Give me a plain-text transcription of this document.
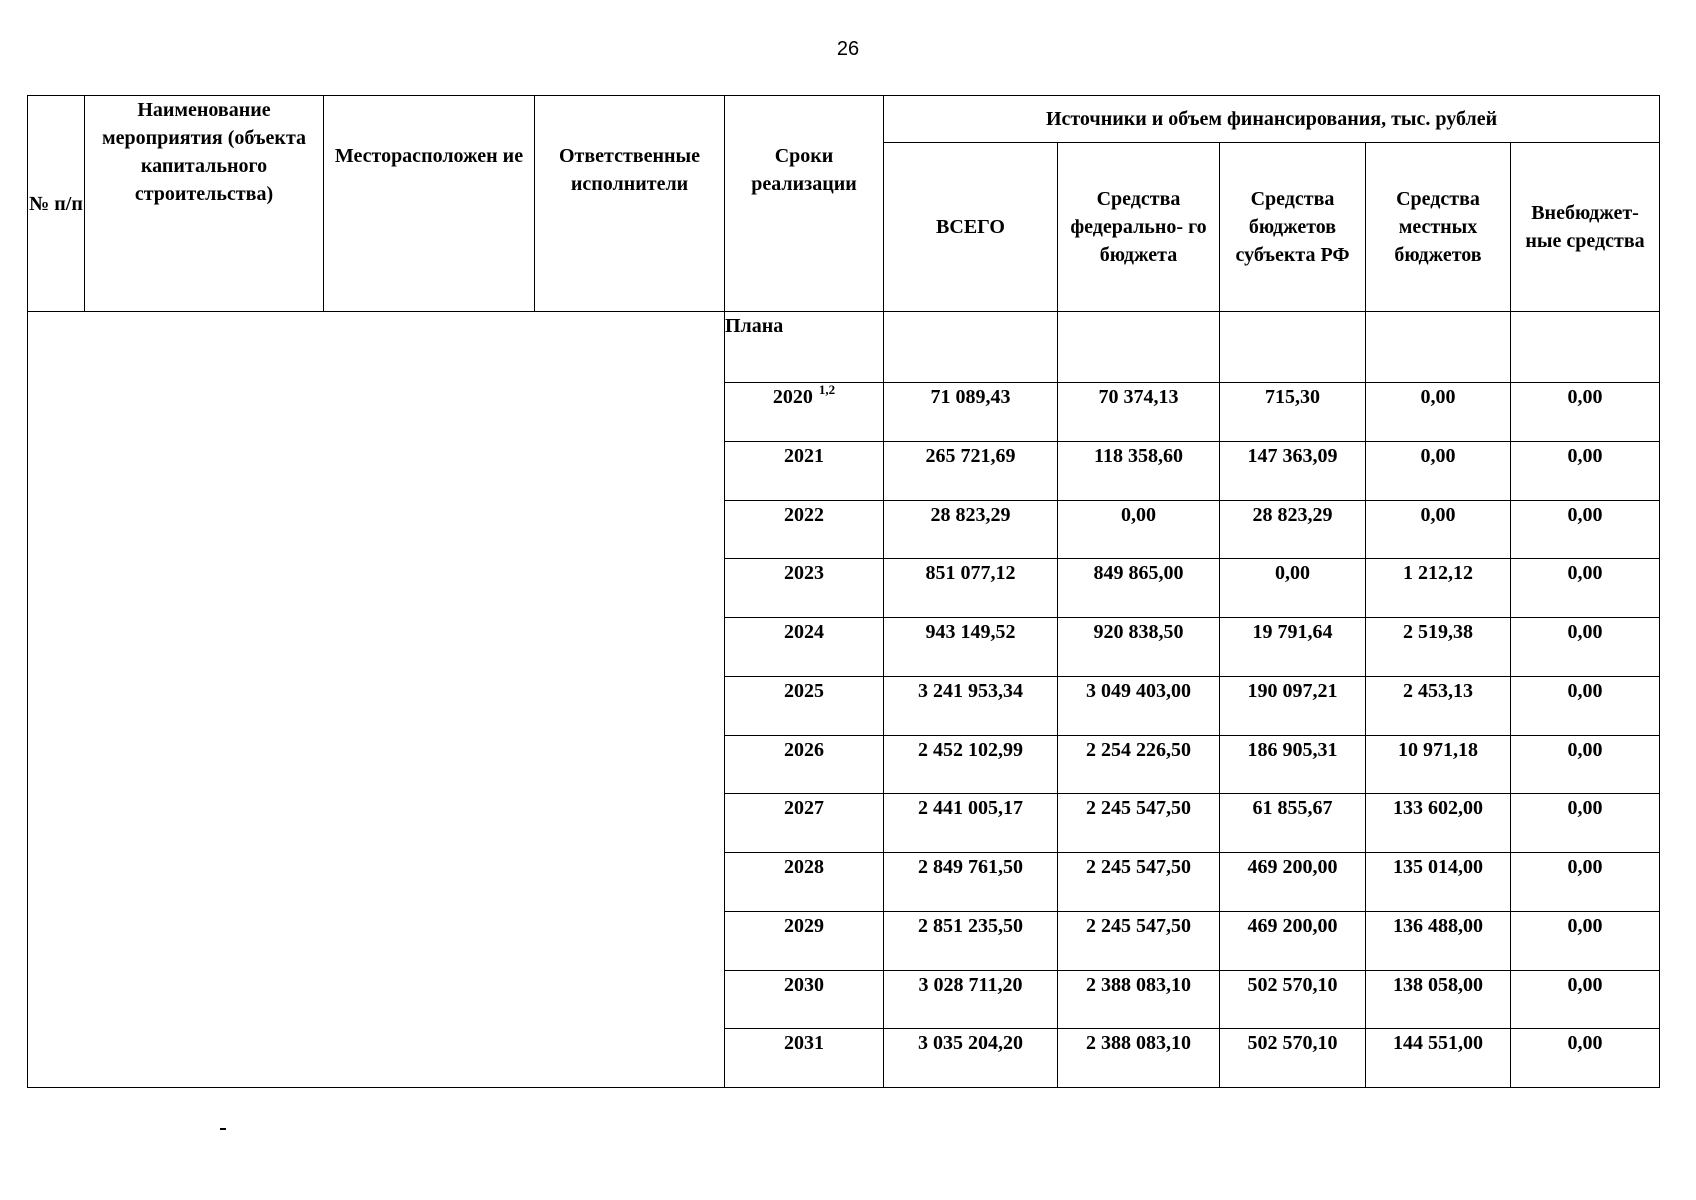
26
№ п/п	Наименование мероприятия (объекта капитального строительства)	Месторасположен ие	Ответственные исполнители	Сроки реализации	Источники и объем финансирования, тыс. рублей				
					ВСЕГО	Средства федерально- го бюджета	Средства бюджетов субъекта РФ	Средства местных бюджетов	Внебюджет- ные средства
				Плана					
				2020 $^{1,2}$	71 089,43	70 374,13	715,30	0,00	0,00
				2021	265 721,69	118 358,60	147 363,09	0,00	0,00
				2022	28 823,29	0,00	28 823,29	0,00	0,00
				2023	851 077,12	849 865,00	0,00	1 212,12	0,00
				2024	943 149,52	920 838,50	19 791,64	2 519,38	0,00
				2025	3 241 953,34	3 049 403,00	190 097,21	2 453,13	0,00
				2026	2 452 102,99	2 254 226,50	186 905,31	10 971,18	0,00
				2027	2 441 005,17	2 245 547,50	61 855,67	133 602,00	0,00
				2028	2 849 761,50	2 245 547,50	469 200,00	135 014,00	0,00
				2029	2 851 235,50	2 245 547,50	469 200,00	136 488,00	0,00
				2030	3 028 711,20	2 388 083,10	502 570,10	138 058,00	0,00
				2031	3 035 204,20	2 388 083,10	502 570,10	144 551,00	0,00
